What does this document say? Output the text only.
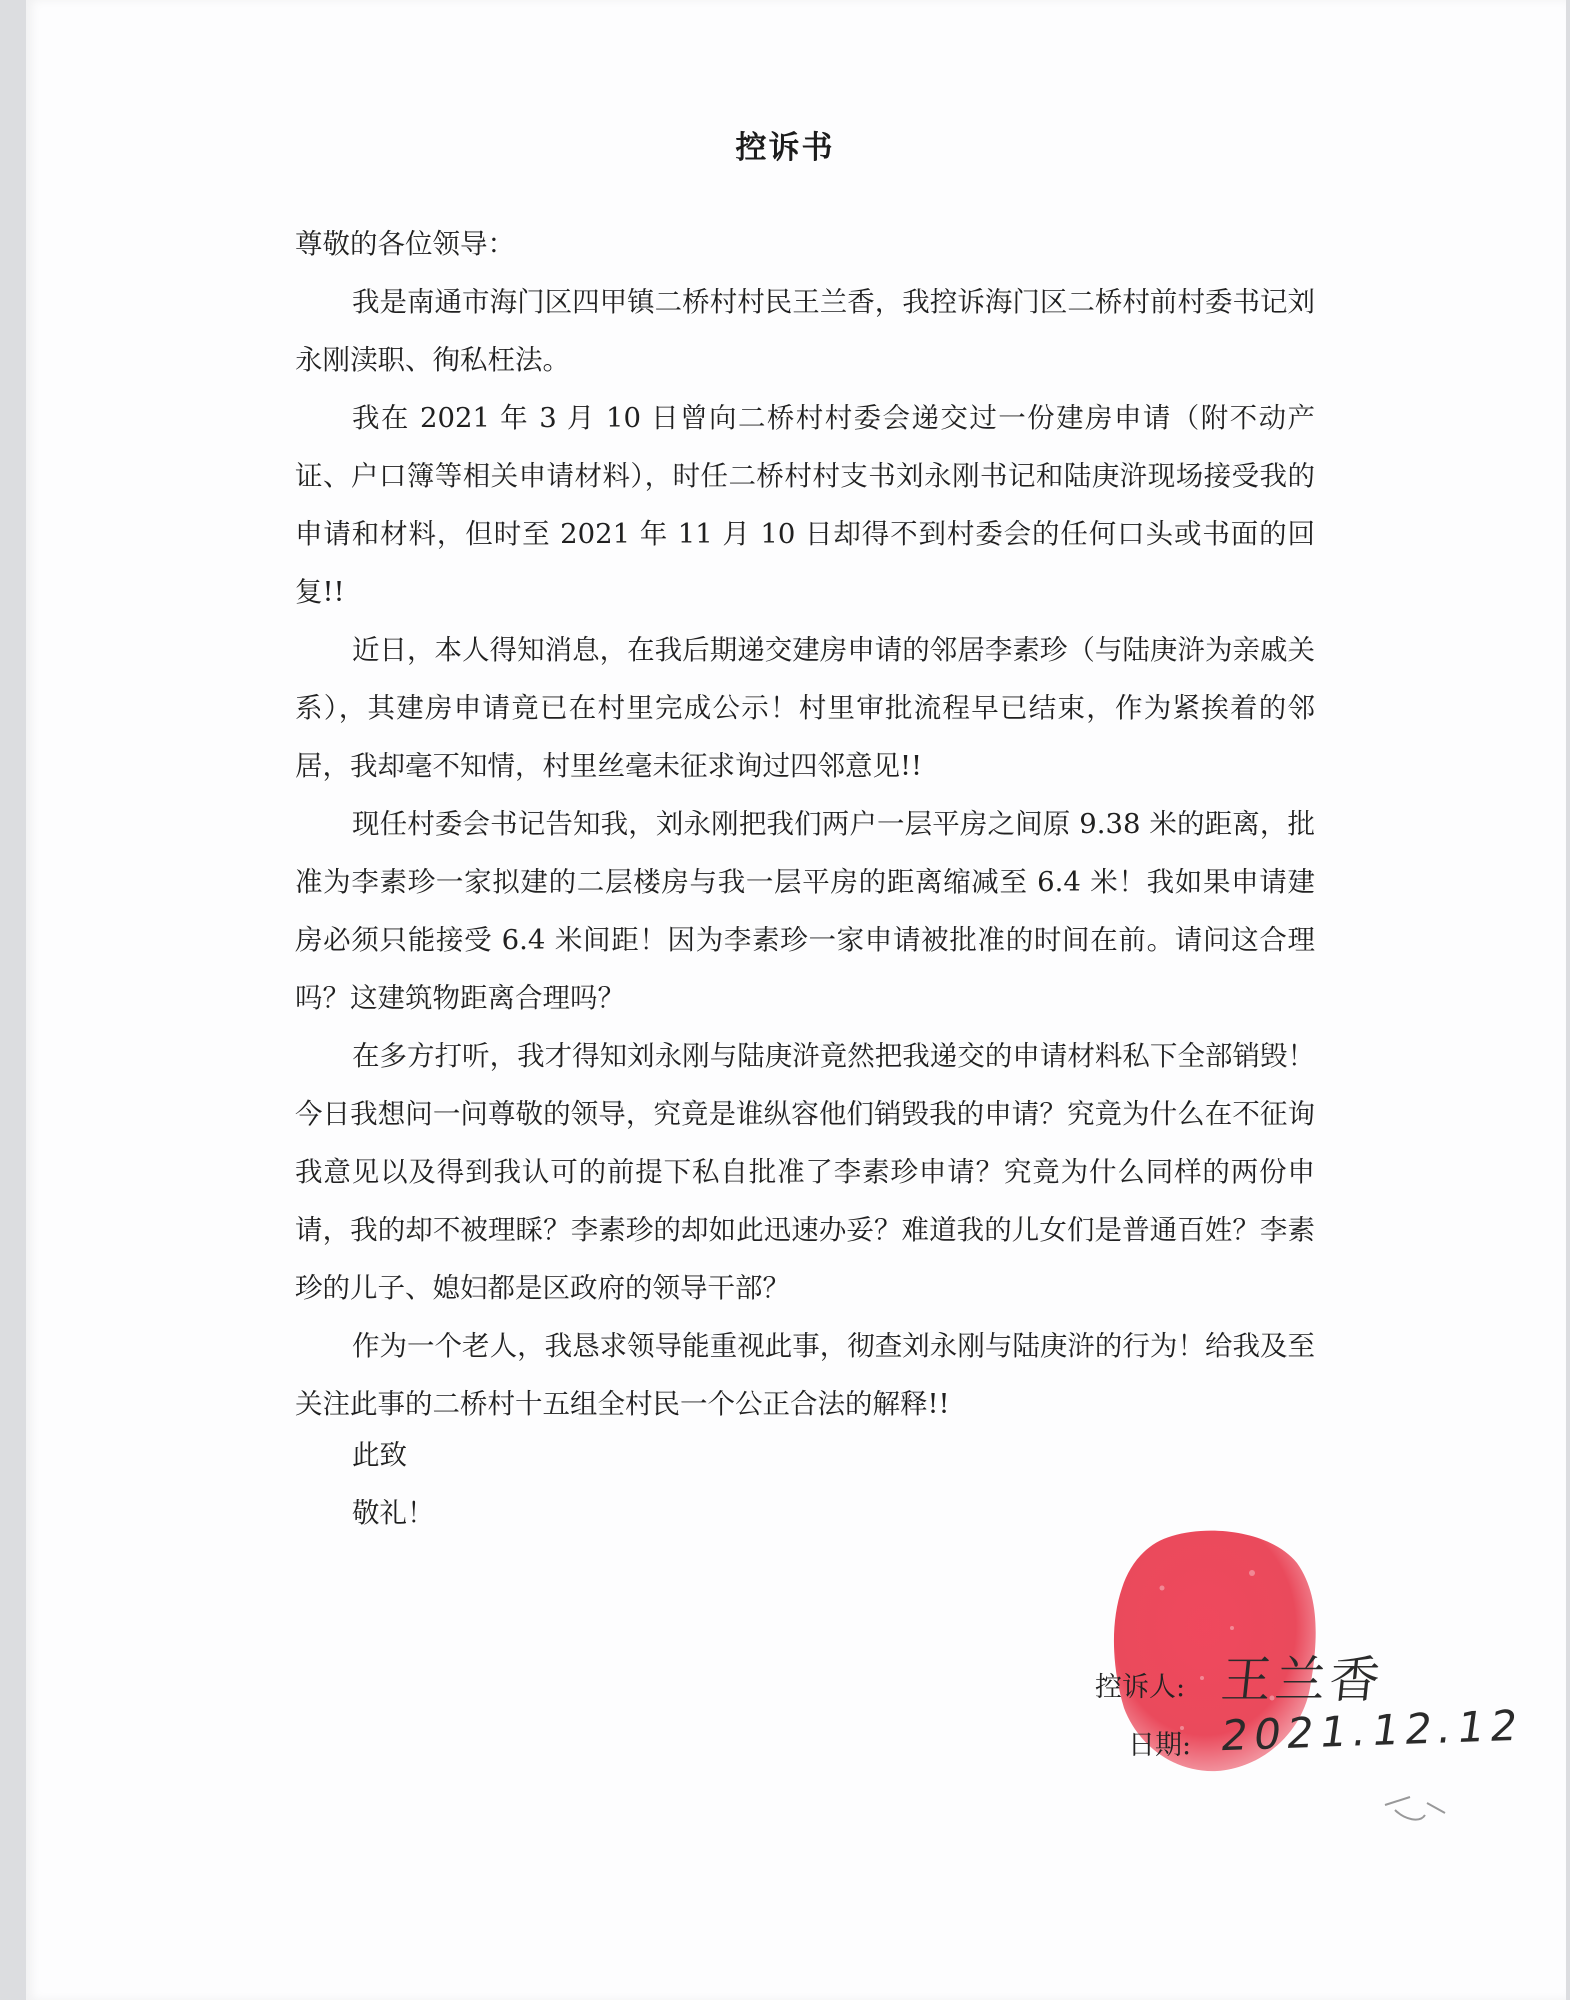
控诉书

尊敬的各位领导：

我是南通市海门区四甲镇二桥村村民王兰香，我控诉海门区二桥村前村委书记刘永刚渎职、徇私枉法。

我在 2021 年 3 月 10 日曾向二桥村村委会递交过一份建房申请（附不动产证、户口簿等相关申请材料），时任二桥村村支书刘永刚书记和陆庚浒现场接受我的申请和材料，但时至 2021 年 11 月 10 日却得不到村委会的任何口头或书面的回复!!

近日，本人得知消息，在我后期递交建房申请的邻居李素珍（与陆庚浒为亲戚关系），其建房申请竟已在村里完成公示！村里审批流程早已结束，作为紧挨着的邻居，我却毫不知情，村里丝毫未征求询过四邻意见!!

现任村委会书记告知我，刘永刚把我们两户一层平房之间原 9.38 米的距离，批准为李素珍一家拟建的二层楼房与我一层平房的距离缩减至 6.4 米！我如果申请建房必须只能接受 6.4 米间距！因为李素珍一家申请被批准的时间在前。请问这合理吗？这建筑物距离合理吗？

在多方打听，我才得知刘永刚与陆庚浒竟然把我递交的申请材料私下全部销毁！今日我想问一问尊敬的领导，究竟是谁纵容他们销毁我的申请？究竟为什么在不征询我意见以及得到我认可的前提下私自批准了李素珍申请？究竟为什么同样的两份申请，我的却不被理睬？李素珍的却如此迅速办妥？难道我的儿女们是普通百姓？李素珍的儿子、媳妇都是区政府的领导干部？

作为一个老人，我恳求领导能重视此事，彻查刘永刚与陆庚浒的行为！给我及至关注此事的二桥村十五组全村民一个公正合法的解释!!

此致
敬礼！
控诉人: 王兰香
日期: 2021.12.12
